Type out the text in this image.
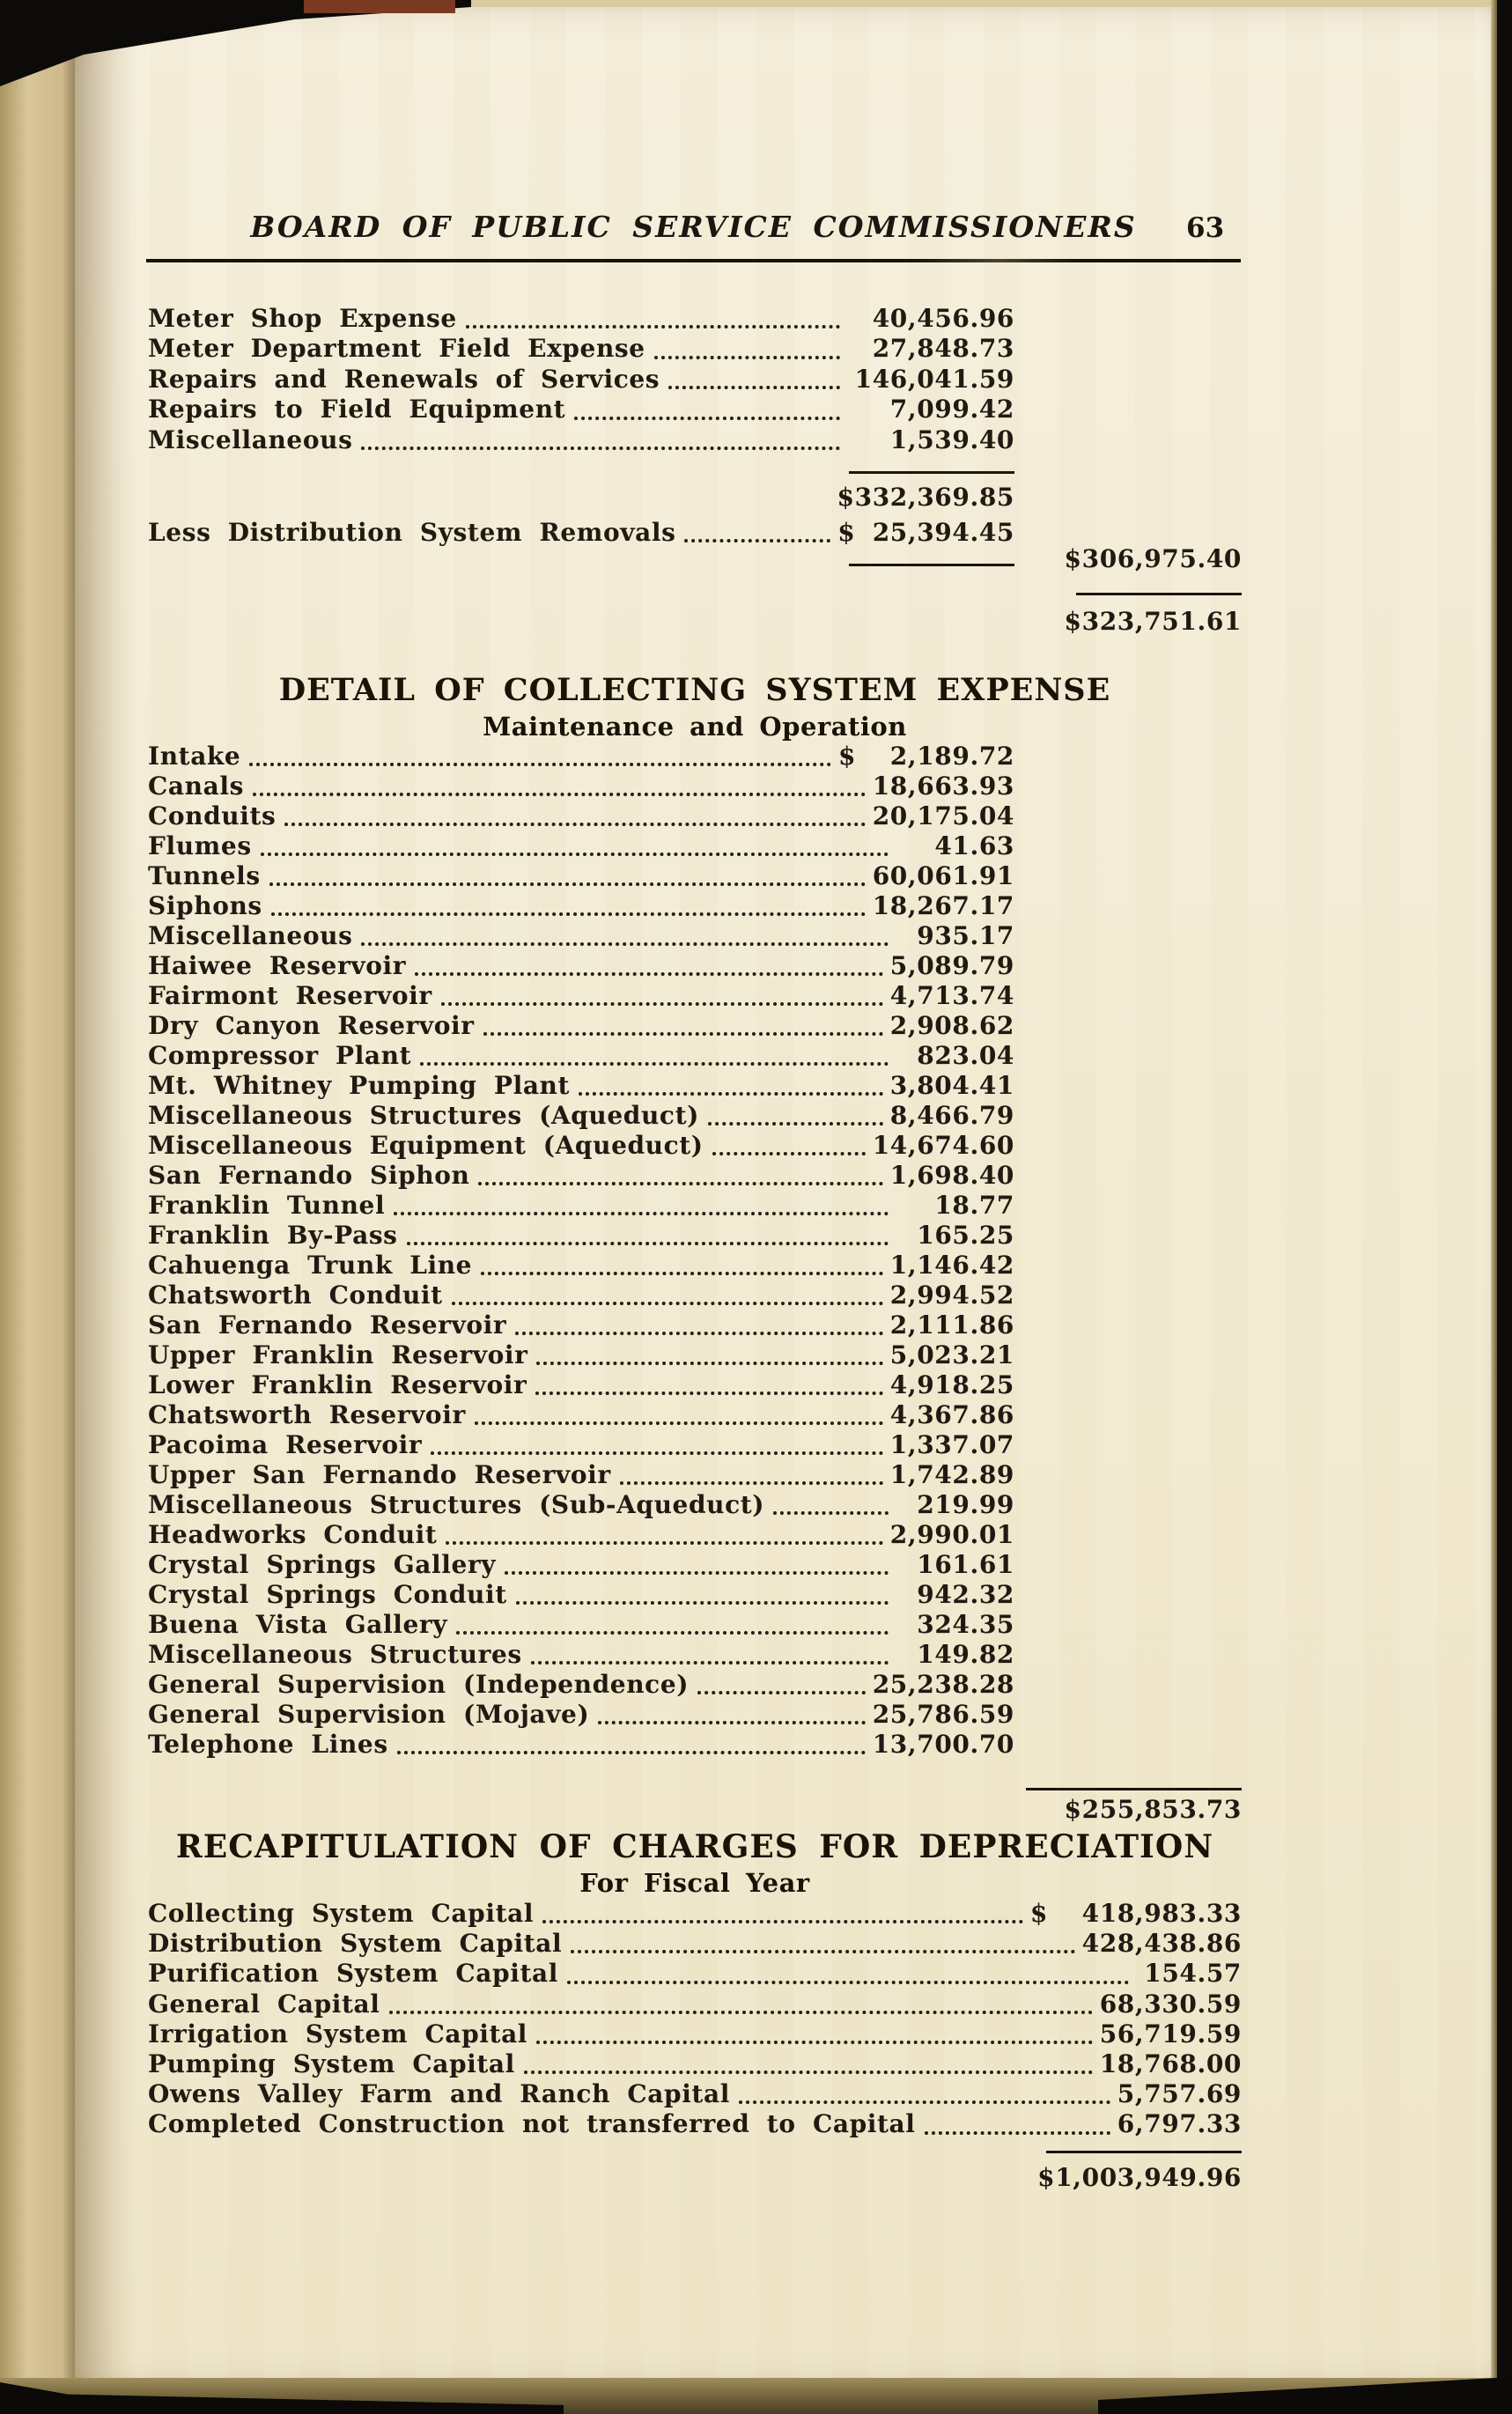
BOARD OF PUBLIC SERVICE COMMISSIONERS	63
Meter Shop Expense	40,456.96
Meter Department Field Expense	27,848.73
Repairs and Renewals of Services	146,041.59
Repairs to Field Equipment	7,099.42
Miscellaneous	1,539.40
$332,369.85
Less Distribution System Removals	$ 25,394.45
$306,975.40
$323,751.61
DETAIL OF COLLECTING SYSTEM EXPENSE
Maintenance and Operation
Intake	$  2,189.72
Canals	18,663.93
Conduits	20,175.04
Flumes	41.63
Tunnels	60,061.91
Siphons	18,267.17
Miscellaneous	935.17
Haiwee Reservoir	5,089.79
Fairmont Reservoir	4,713.74
Dry Canyon Reservoir	2,908.62
Compressor Plant	823.04
Mt. Whitney Pumping Plant	3,804.41
Miscellaneous Structures (Aqueduct)	8,466.79
Miscellaneous Equipment (Aqueduct)	14,674.60
San Fernando Siphon	1,698.40
Franklin Tunnel	18.77
Franklin By-Pass	165.25
Cahuenga Trunk Line	1,146.42
Chatsworth Conduit	2,994.52
San Fernando Reservoir	2,111.86
Upper Franklin Reservoir	5,023.21
Lower Franklin Reservoir	4,918.25
Chatsworth Reservoir	4,367.86
Pacoima Reservoir	1,337.07
Upper San Fernando Reservoir	1,742.89
Miscellaneous Structures (Sub-Aqueduct)	219.99
Headworks Conduit	2,990.01
Crystal Springs Gallery	161.61
Crystal Springs Conduit	942.32
Buena Vista Gallery	324.35
Miscellaneous Structures	149.82
General Supervision (Independence)	25,238.28
General Supervision (Mojave)	25,786.59
Telephone Lines	13,700.70
$255,853.73
RECAPITULATION OF CHARGES FOR DEPRECIATION
For Fiscal Year
Collecting System Capital	$  418,983.33
Distribution System Capital	428,438.86
Purification System Capital	154.57
General Capital	68,330.59
Irrigation System Capital	56,719.59
Pumping System Capital	18,768.00
Owens Valley Farm and Ranch Capital	5,757.69
Completed Construction not transferred to Capital	6,797.33
$1,003,949.96
